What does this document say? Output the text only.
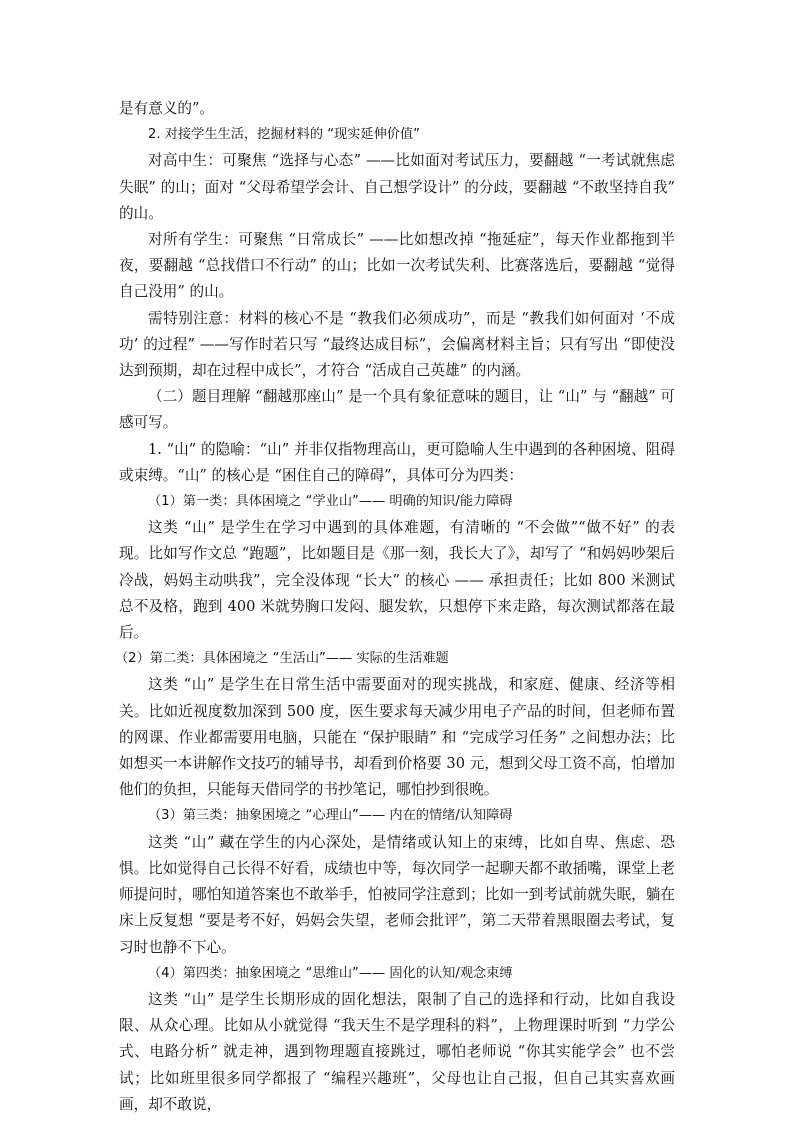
是有意义的”。

2. 对接学生生活，挖掘材料的 “现实延伸价值”

对高中生：可聚焦 “选择与心态” ——比如面对考试压力，要翻越 “一考试就焦虑失眠” 的山；面对 “父母希望学会计、自己想学设计” 的分歧，要翻越 “不敢坚持自我” 的山。

对所有学生：可聚焦 “日常成长” ——比如想改掉 “拖延症”，每天作业都拖到半夜，要翻越 “总找借口不行动” 的山；比如一次考试失利、比赛落选后，要翻越 “觉得自己没用” 的山。

需特别注意：材料的核心不是 “教我们必须成功”，而是 “教我们如何面对 ‘不成功’ 的过程” ——写作时若只写 “最终达成目标”，会偏离材料主旨；只有写出 “即使没达到预期，却在过程中成长”，才符合 “活成自己英雄” 的内涵。

（二）题目理解 “翻越那座山” 是一个具有象征意味的题目，让 “山” 与 “翻越” 可感可写。

1. “山” 的隐喻：“山” 并非仅指物理高山，更可隐喻人生中遇到的各种困境、阻碍或束缚。“山” 的核心是 “困住自己的障碍”，具体可分为四类：

（1）第一类：具体困境之 “学业山”—— 明确的知识/能力障碍

这类 “山” 是学生在学习中遇到的具体难题，有清晰的 “不会做”“做不好” 的表现。比如写作文总 “跑题”，比如题目是《那一刻，我长大了》，却写了 “和妈妈吵架后冷战，妈妈主动哄我”，完全没体现 “长大” 的核心 —— 承担责任；比如 800 米测试总不及格，跑到 400 米就势胸口发闷、腿发软，只想停下来走路，每次测试都落在最后。

（2）第二类：具体困境之 “生活山”—— 实际的生活难题

这类 “山” 是学生在日常生活中需要面对的现实挑战，和家庭、健康、经济等相关。比如近视度数加深到 500 度，医生要求每天减少用电子产品的时间，但老师布置的网课、作业都需要用电脑，只能在 “保护眼睛” 和 “完成学习任务” 之间想办法；比如想买一本讲解作文技巧的辅导书，却看到价格要 30 元，想到父母工资不高，怕增加他们的负担，只能每天借同学的书抄笔记，哪怕抄到很晚。

（3）第三类：抽象困境之 “心理山”—— 内在的情绪/认知障碍

这类 “山” 藏在学生的内心深处，是情绪或认知上的束缚，比如自卑、焦虑、恐惧。比如觉得自己长得不好看，成绩也中等，每次同学一起聊天都不敢插嘴，课堂上老师提问时，哪怕知道答案也不敢举手，怕被同学注意到；比如一到考试前就失眠，躺在床上反复想 “要是考不好，妈妈会失望，老师会批评”，第二天带着黑眼圈去考试，复习时也静不下心。

（4）第四类：抽象困境之 “思维山”—— 固化的认知/观念束缚

这类 “山” 是学生长期形成的固化想法，限制了自己的选择和行动，比如自我设限、从众心理。比如从小就觉得 “我天生不是学理科的料”，上物理课时听到 “力学公式、电路分析” 就走神，遇到物理题直接跳过，哪怕老师说 “你其实能学会” 也不尝试；比如班里很多同学都报了 “编程兴趣班”，父母也让自己报，但自己其实喜欢画画，却不敢说，
